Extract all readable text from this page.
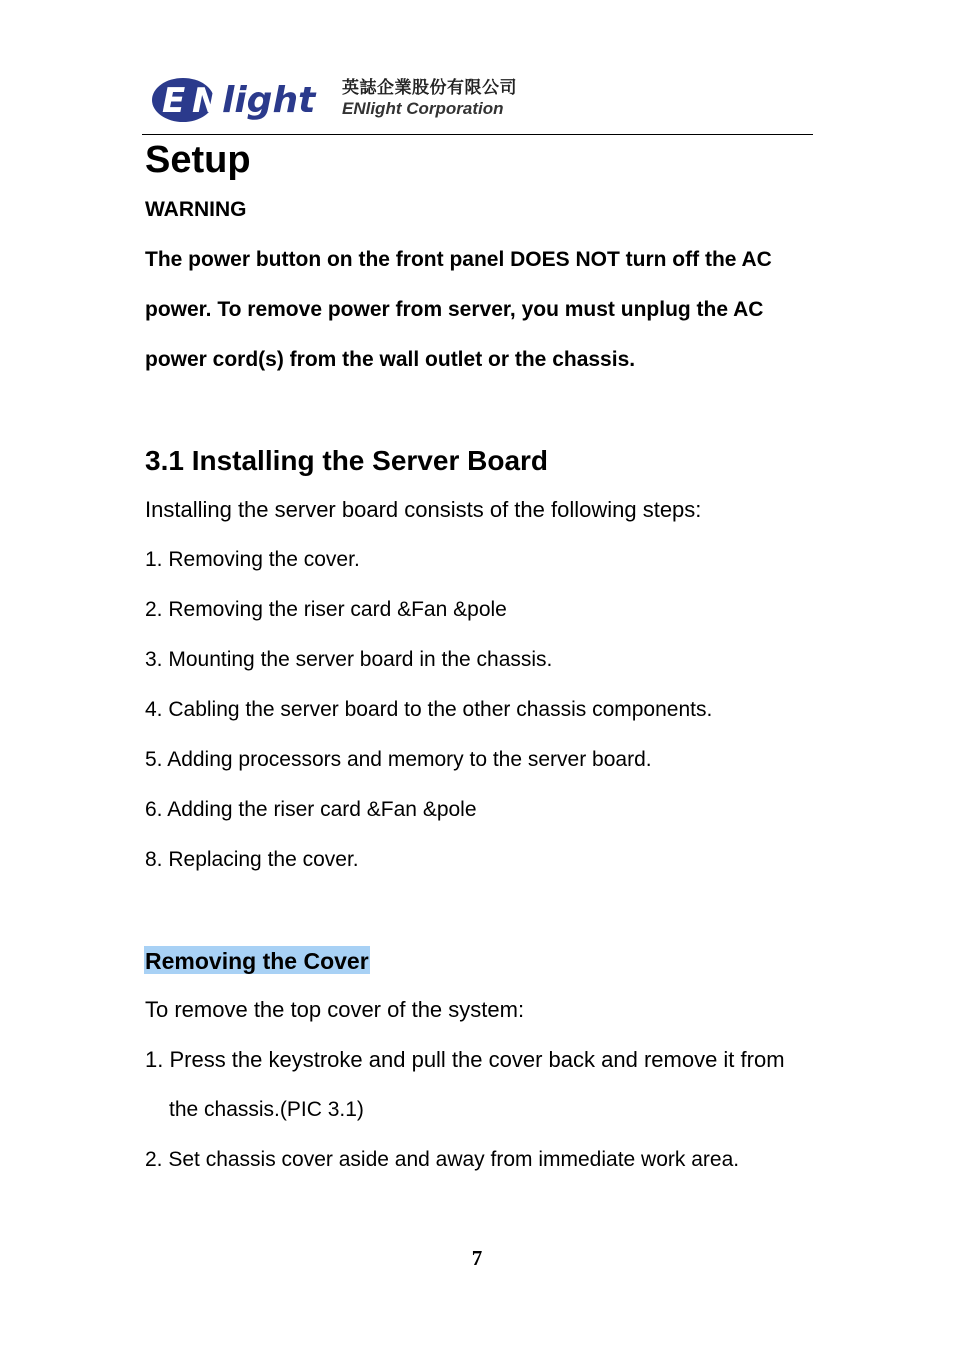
E N light 英誌企業股份有限公司
ENlight Corporation
Setup
WARNING
The power button on the front panel DOES NOT turn off the AC
power. To remove power from server, you must unplug the AC
power cord(s) from the wall outlet or the chassis.
3.1 Installing the Server Board
Installing the server board consists of the following steps:
1. Removing the cover.
2. Removing the riser card &Fan &pole
3. Mounting the server board in the chassis.
4. Cabling the server board to the other chassis components.
5. Adding processors and memory to the server board.
6. Adding the riser card &Fan &pole
8. Replacing the cover.
Removing the Cover
To remove the top cover of the system:
1. Press the keystroke and pull the cover back and remove it from
the chassis.(PIC 3.1)
2. Set chassis cover aside and away from immediate work area.
7
